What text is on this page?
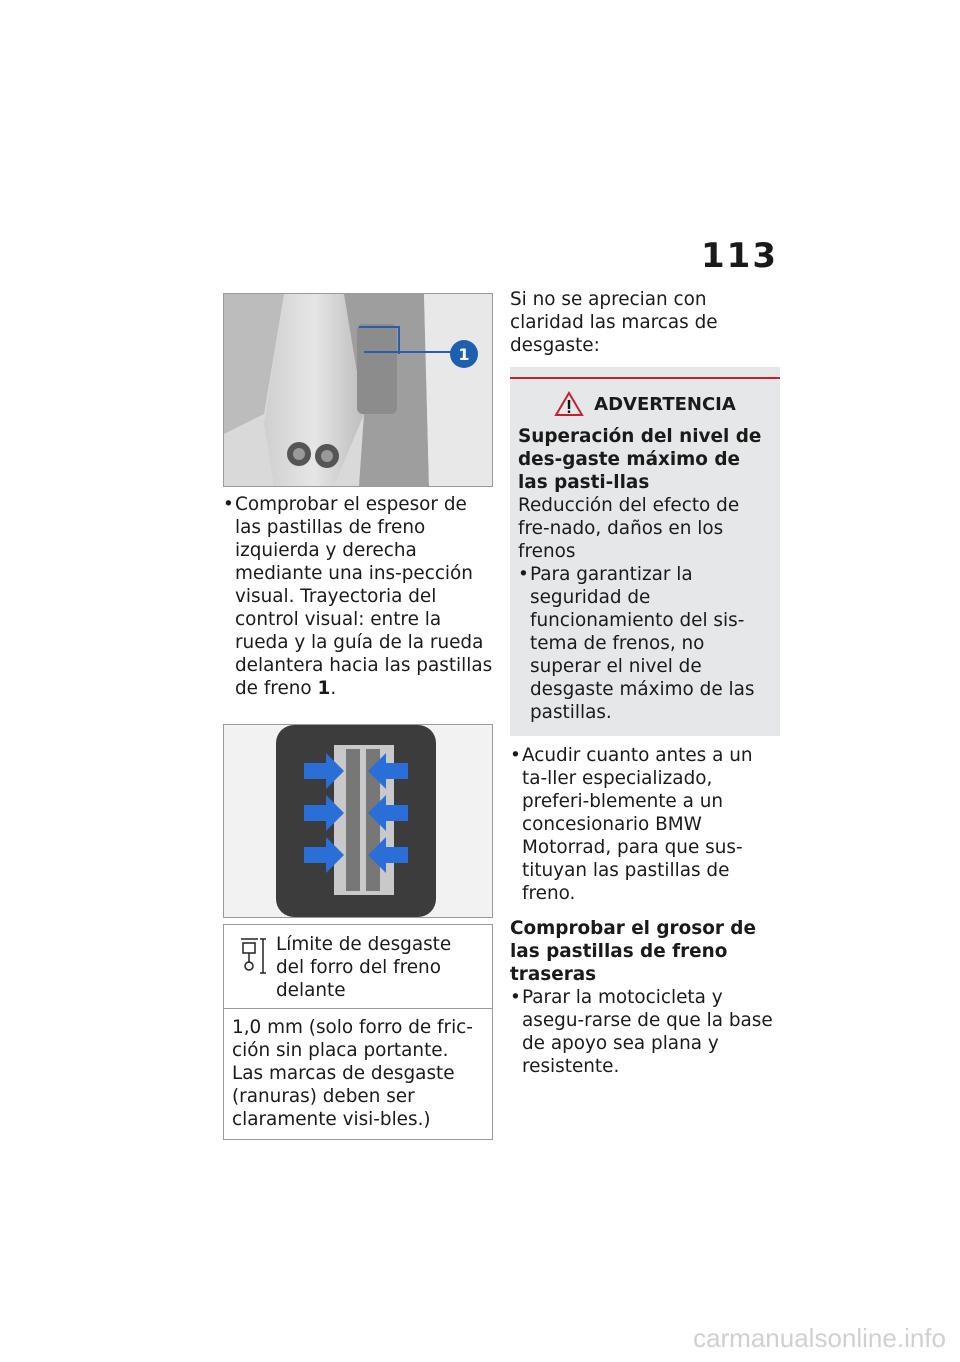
113
1
• Comprobar el espesor de las pastillas de freno izquierda y derecha mediante una ins-pección visual. Trayectoria del control visual: entre la rueda y la guía de la rueda delantera hacia las pastillas de freno 1.
Límite de desgaste del forro del freno delante
1,0 mm (solo forro de fric-ción sin placa portante. Las marcas de desgaste (ranuras) deben ser claramente visi-bles.)
Si no se aprecian con claridad las marcas de desgaste:
ADVERTENCIA
Superación del nivel de des-gaste máximo de las pasti-llas
Reducción del efecto de fre-nado, daños en los frenos
• Para garantizar la seguridad de funcionamiento del sis-tema de frenos, no superar el nivel de desgaste máximo de las pastillas.
• Acudir cuanto antes a un ta-ller especializado, preferi-blemente a un concesionario BMW Motorrad, para que sus-tituyan las pastillas de freno.
Comprobar el grosor de las pastillas de freno traseras
• Parar la motocicleta y asegu-rarse de que la base de apoyo sea plana y resistente.
carmanualsonline.info
